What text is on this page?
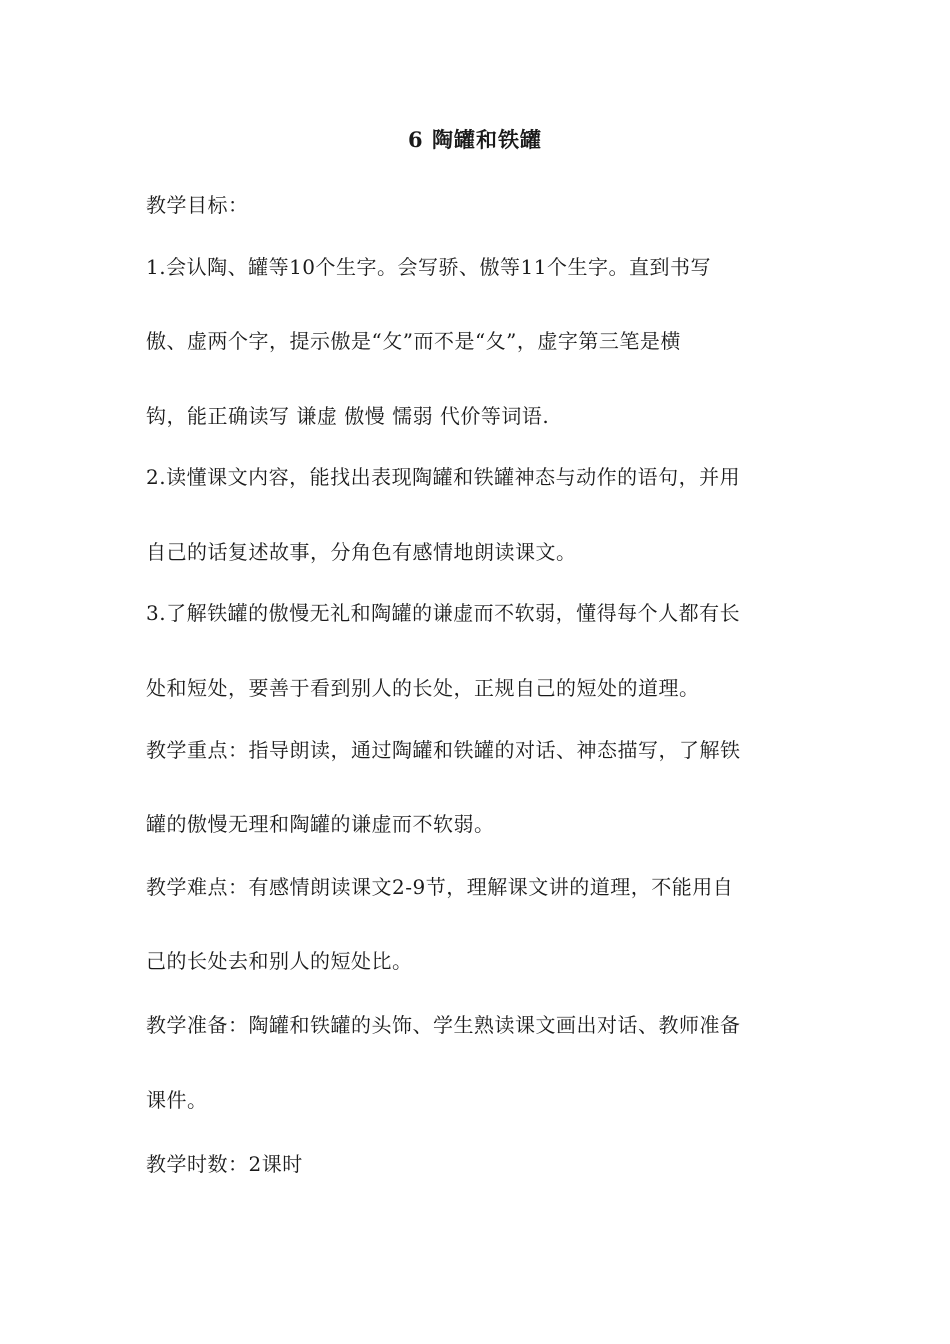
6 陶罐和铁罐
教学目标：
1.会认陶、罐等10个生字。会写骄、傲等11个生字。直到书写
傲、虚两个字，提示傲是“攵”而不是“夂”，虚字第三笔是横
钩，能正确读写 谦虚 傲慢 懦弱 代价等词语.
2.读懂课文内容，能找出表现陶罐和铁罐神态与动作的语句，并用
自己的话复述故事，分角色有感情地朗读课文。
3.了解铁罐的傲慢无礼和陶罐的谦虚而不软弱，懂得每个人都有长
处和短处，要善于看到别人的长处，正规自己的短处的道理。
教学重点：指导朗读，通过陶罐和铁罐的对话、神态描写，了解铁
罐的傲慢无理和陶罐的谦虚而不软弱。
教学难点：有感情朗读课文2-9节，理解课文讲的道理，不能用自
己的长处去和别人的短处比。
教学准备：陶罐和铁罐的头饰、学生熟读课文画出对话、教师准备
课件。
教学时数：2课时
